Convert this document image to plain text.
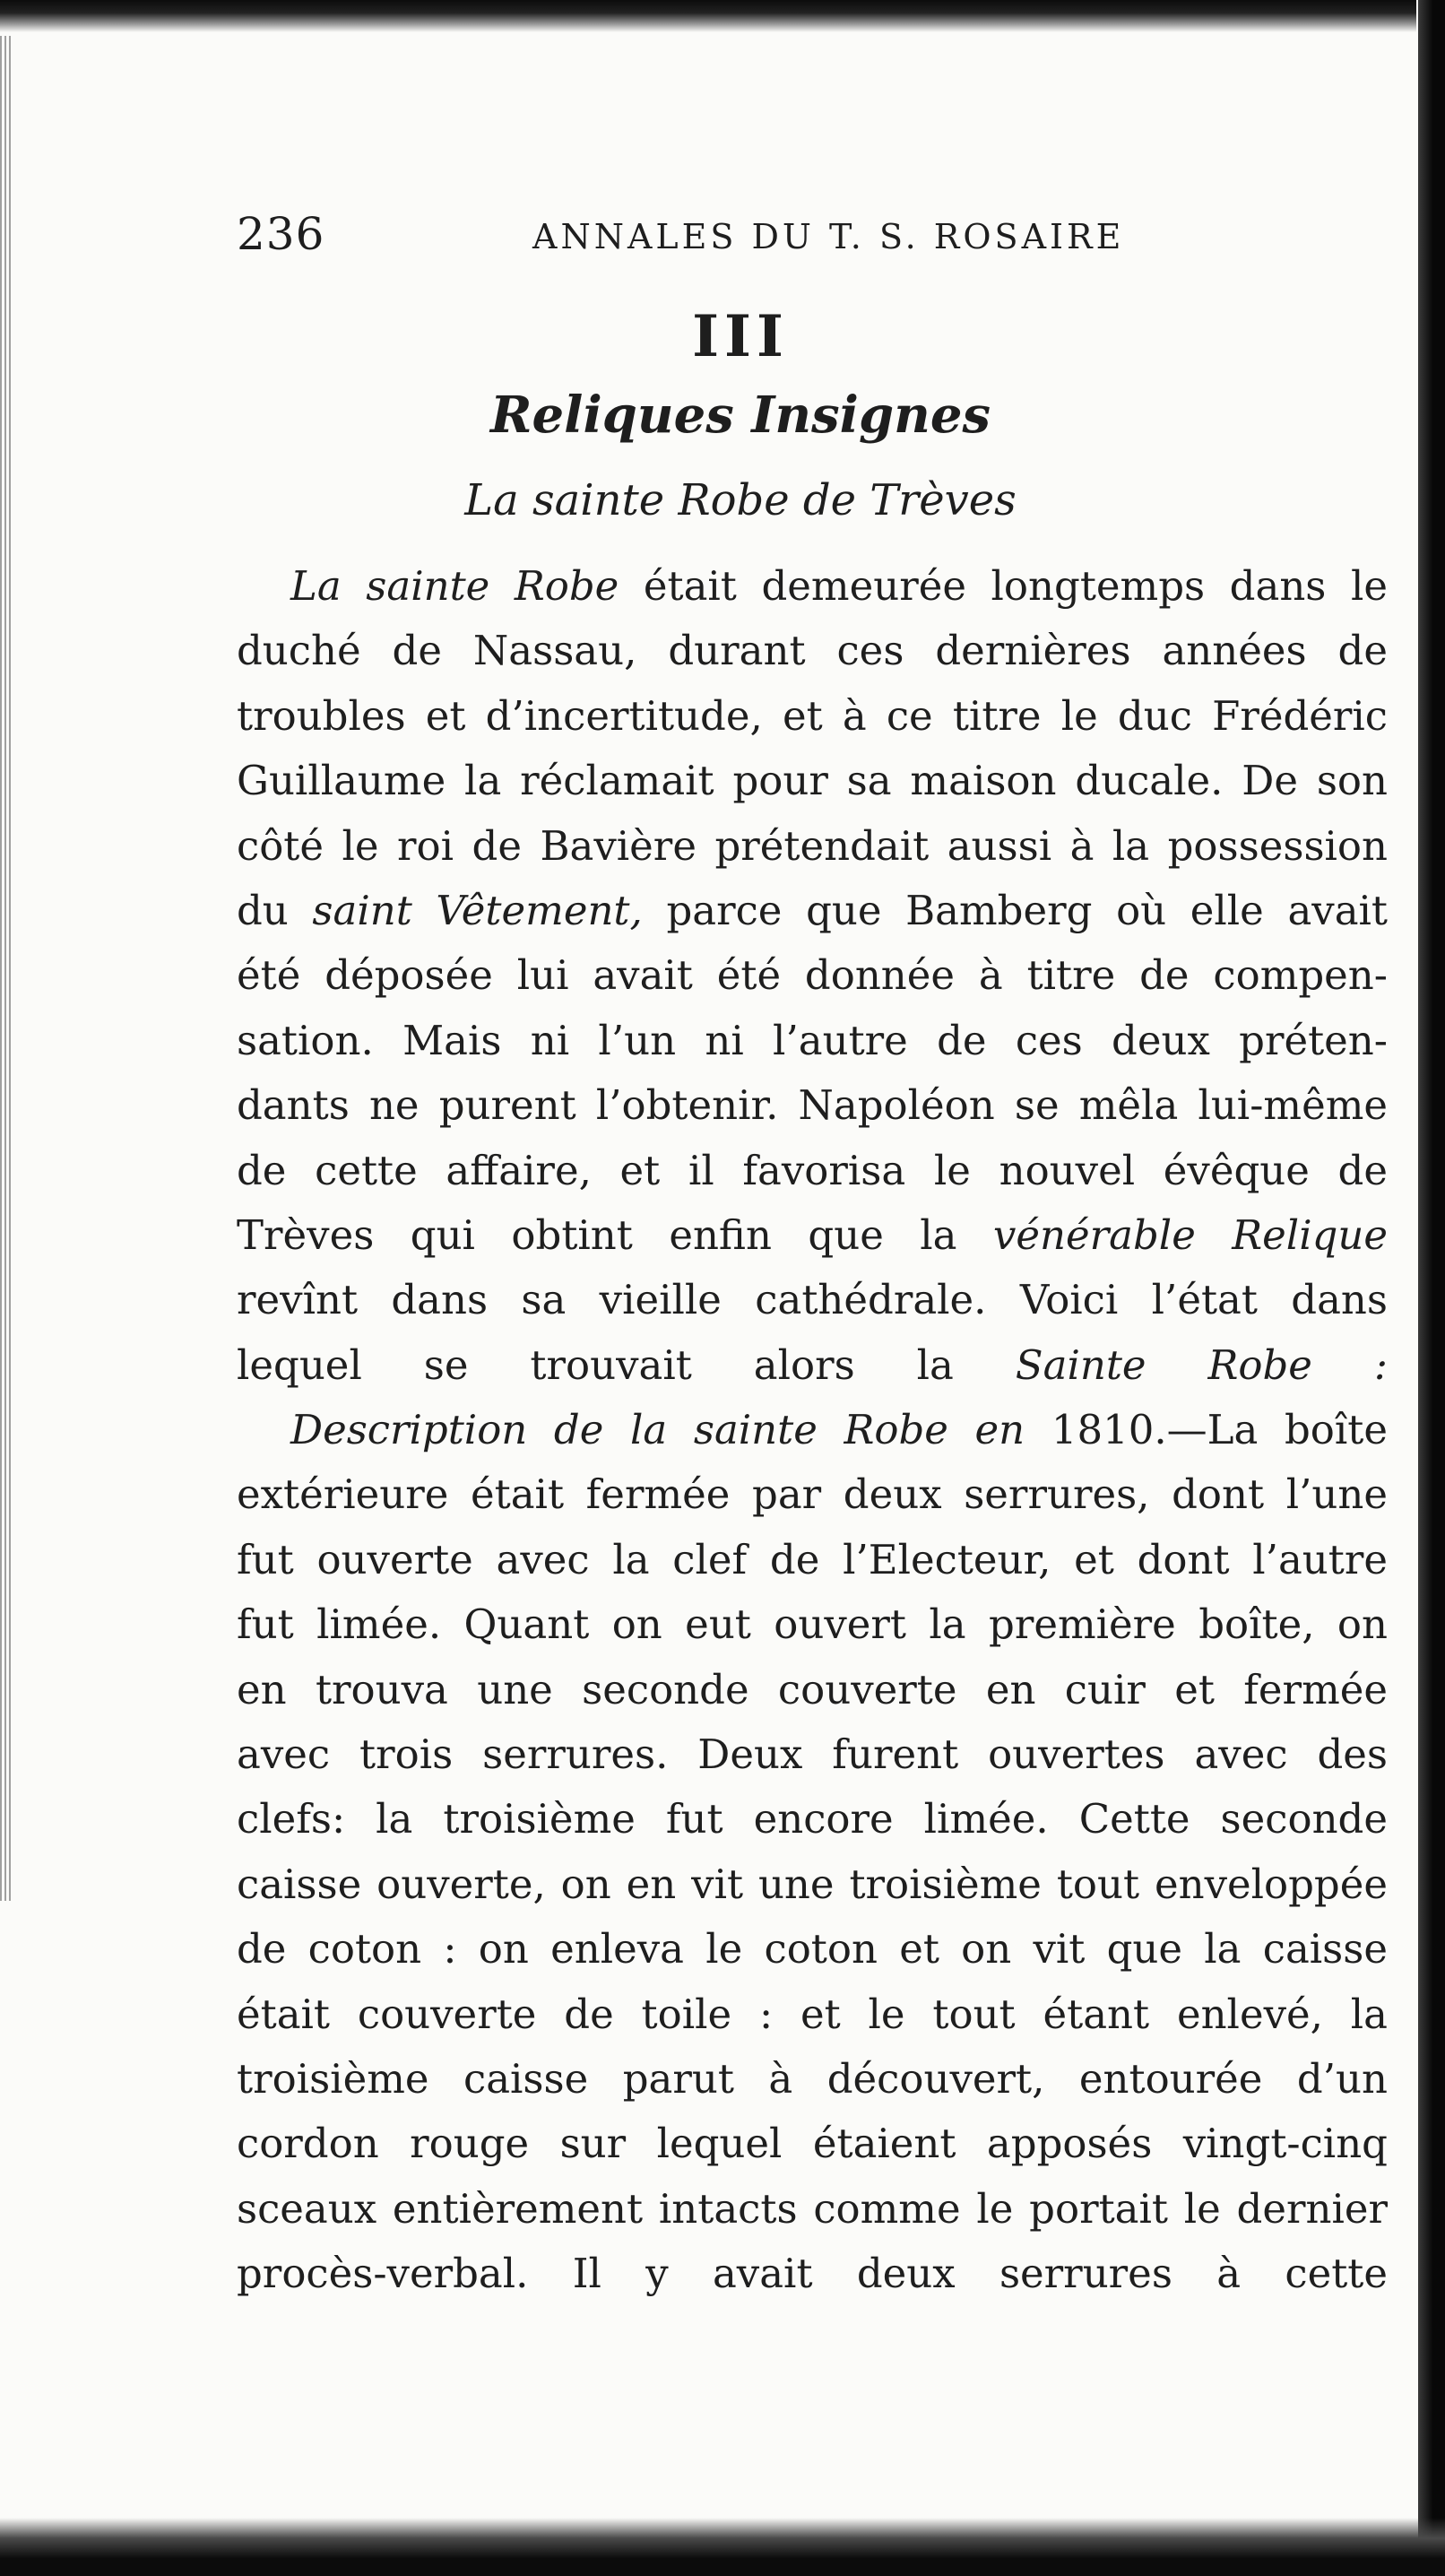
236	ANNALES DU T. S. ROSAIRE
III
Reliques Insignes
La sainte Robe de Trèves
La sainte Robe était demeurée longtemps dans le
duché de Nassau, durant ces dernières années de
troubles et d’incertitude, et à ce titre le duc Frédéric
Guillaume la réclamait pour sa maison ducale. De son
côté le roi de Bavière prétendait aussi à la possession
du saint Vêtement, parce que Bamberg où elle avait
été déposée lui avait été donnée à titre de compen-
sation. Mais ni l’un ni l’autre de ces deux préten-
dants ne purent l’obtenir. Napoléon se mêla lui-même
de cette affaire, et il favorisa le nouvel évêque de
Trèves qui obtint enfin que la vénérable Relique
revînt dans sa vieille cathédrale. Voici l’état dans
lequel se trouvait alors la Sainte Robe :
Description de la sainte Robe en 1810.—La boîte
extérieure était fermée par deux serrures, dont l’une
fut ouverte avec la clef de l’Electeur, et dont l’autre
fut limée. Quant on eut ouvert la première boîte, on
en trouva une seconde couverte en cuir et fermée
avec trois serrures. Deux furent ouvertes avec des
clefs: la troisième fut encore limée. Cette seconde
caisse ouverte, on en vit une troisième tout enveloppée
de coton : on enleva le coton et on vit que la caisse
était couverte de toile : et le tout étant enlevé, la
troisième caisse parut à découvert, entourée d’un
cordon rouge sur lequel étaient apposés vingt-cinq
sceaux entièrement intacts comme le portait le dernier
procès-verbal. Il y avait deux serrures à cette
